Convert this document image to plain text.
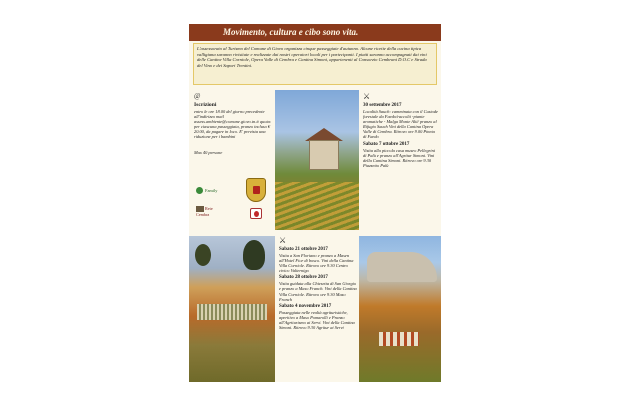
Movimento, cultura e cibo sono vita.
L'assessorato al Turismo del Comune di Giovo organizza cinque passeggiate d'autunno. Alcune ricette della cucina tipica valligiana saranno rivisitate e realizzate dai nostri operatori locali per i partecipanti. I piatti saranno accompagnati dai vini delle Cantine Villa Corniole, Opera Valle di Cembra e Cantina Simoni, appartenenti al Consorzio Cembrani D.O.C e Strada del Vino e dei Sapori Trentini.
@
Iscrizioni
entro le ore 18.00 del giorno precedente all'indirizzo mail assess.ambiente@comune.giovo.tn.it quota: per ciascuna passeggiata, pranzo incluso € 20.00, da pagare in loco. E' prevista una riduzione per i bambini
Max 40 persone
Family
Rete Cembra
⚔
30 settembre 2017
Località Sauch: camminata con il Custode forestale da Faedo/raccolti -piante aromatiche - Malga Monte Alti/ pranzo al Rifugio Sauch Vini della Cantina Opera Valle di Cembra. Ritrovo ore 9.00 Pineta di Faedo
Sabato 7 ottobre 2017
Visita alla piccola casa museo Pellegrini di Palù e pranzo all'Agritur Simoni. Vini della Cantina Simoni. Ritrovo ore 9.30 Piazzetto Palù
⚔
Sabato 21 ottobre 2017
Visita a San Floriano e pranzo a Masen all'Hotel Fior di bosco. Vini della Cantina Villa Corniole. Ritrovo ore 9.30 Centro civico Valternigo
Sabato 28 ottobre 2017
Visita guidata alla Chiesetta di San Giorgio e pranzo a Maso Franch. Vini della Cantina Villa Corniole. Ritrovo ore 9.30 Maso Franch
Sabato 4 novembre 2017
Passeggiata nelle realtà agrituristiche, aperitivo a Maso Pomarolli e Pranzo all'Agriturismo ai Servi. Vini della Cantina Simoni. Ritrovo 9.30 Agritur ai Servi
